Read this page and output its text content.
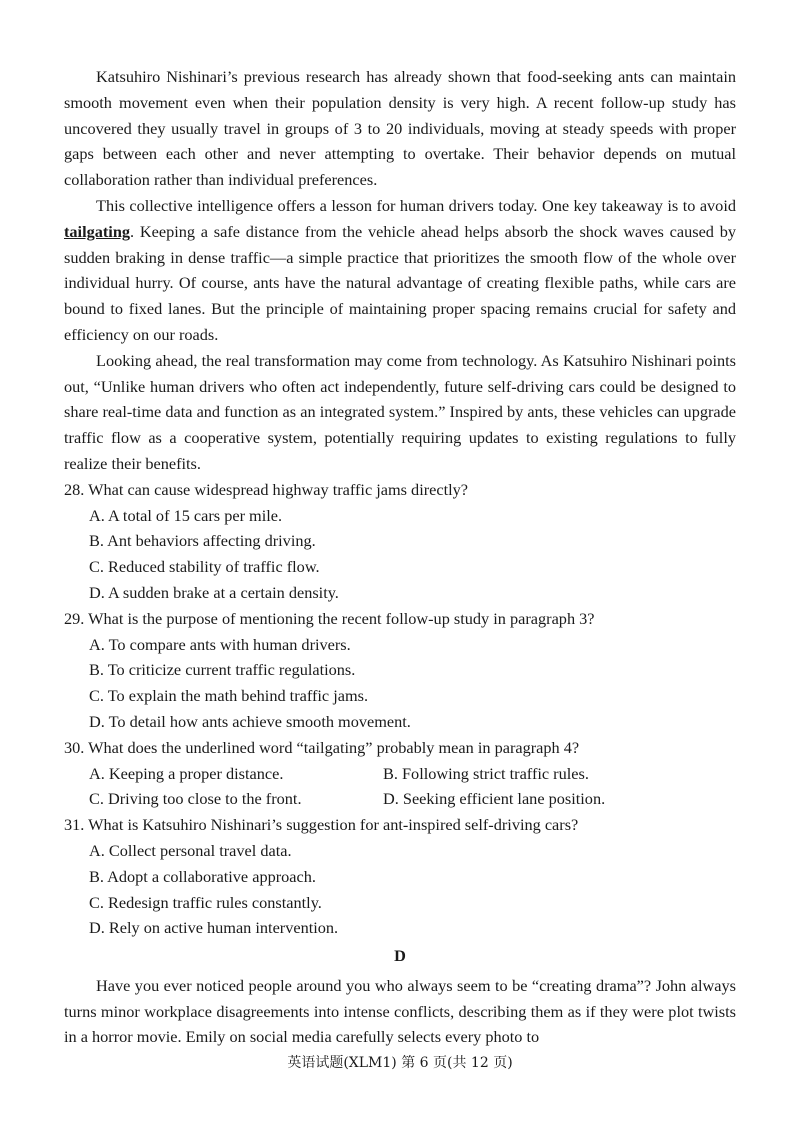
Katsuhiro Nishinari’s previous research has already shown that food-seeking ants can maintain smooth movement even when their population density is very high. A recent follow-up study has uncovered they usually travel in groups of 3 to 20 individuals, moving at steady speeds with proper gaps between each other and never attempting to overtake. Their behavior depends on mutual collaboration rather than individual preferences.

This collective intelligence offers a lesson for human drivers today. One key takeaway is to avoid tailgating. Keeping a safe distance from the vehicle ahead helps absorb the shock waves caused by sudden braking in dense traffic—a simple practice that prioritizes the smooth flow of the whole over individual hurry. Of course, ants have the natural advantage of creating flexible paths, while cars are bound to fixed lanes. But the principle of maintaining proper spacing remains crucial for safety and efficiency on our roads.

Looking ahead, the real transformation may come from technology. As Katsuhiro Nishinari points out, “Unlike human drivers who often act independently, future self-driving cars could be designed to share real-time data and function as an integrated system.” Inspired by ants, these vehicles can upgrade traffic flow as a cooperative system, potentially requiring updates to existing regulations to fully realize their benefits.

28. What can cause widespread highway traffic jams directly?

A. A total of 15 cars per mile.
B. Ant behaviors affecting driving.
C. Reduced stability of traffic flow.
D. A sudden brake at a certain density.

29. What is the purpose of mentioning the recent follow-up study in paragraph 3?

A. To compare ants with human drivers.
B. To criticize current traffic regulations.
C. To explain the math behind traffic jams.
D. To detail how ants achieve smooth movement.

30. What does the underlined word “tailgating” probably mean in paragraph 4?

A. Keeping a proper distance.	B. Following strict traffic rules.
C. Driving too close to the front.	D. Seeking efficient lane position.

31. What is Katsuhiro Nishinari’s suggestion for ant-inspired self-driving cars?

A. Collect personal travel data.
B. Adopt a collaborative approach.
C. Redesign traffic rules constantly.
D. Rely on active human intervention.
D

Have you ever noticed people around you who always seem to be “creating drama”? John always turns minor workplace disagreements into intense conflicts, describing them as if they were plot twists in a horror movie. Emily on social media carefully selects every photo to

英语试题(XLM1) 第 6 页(共 12 页)
